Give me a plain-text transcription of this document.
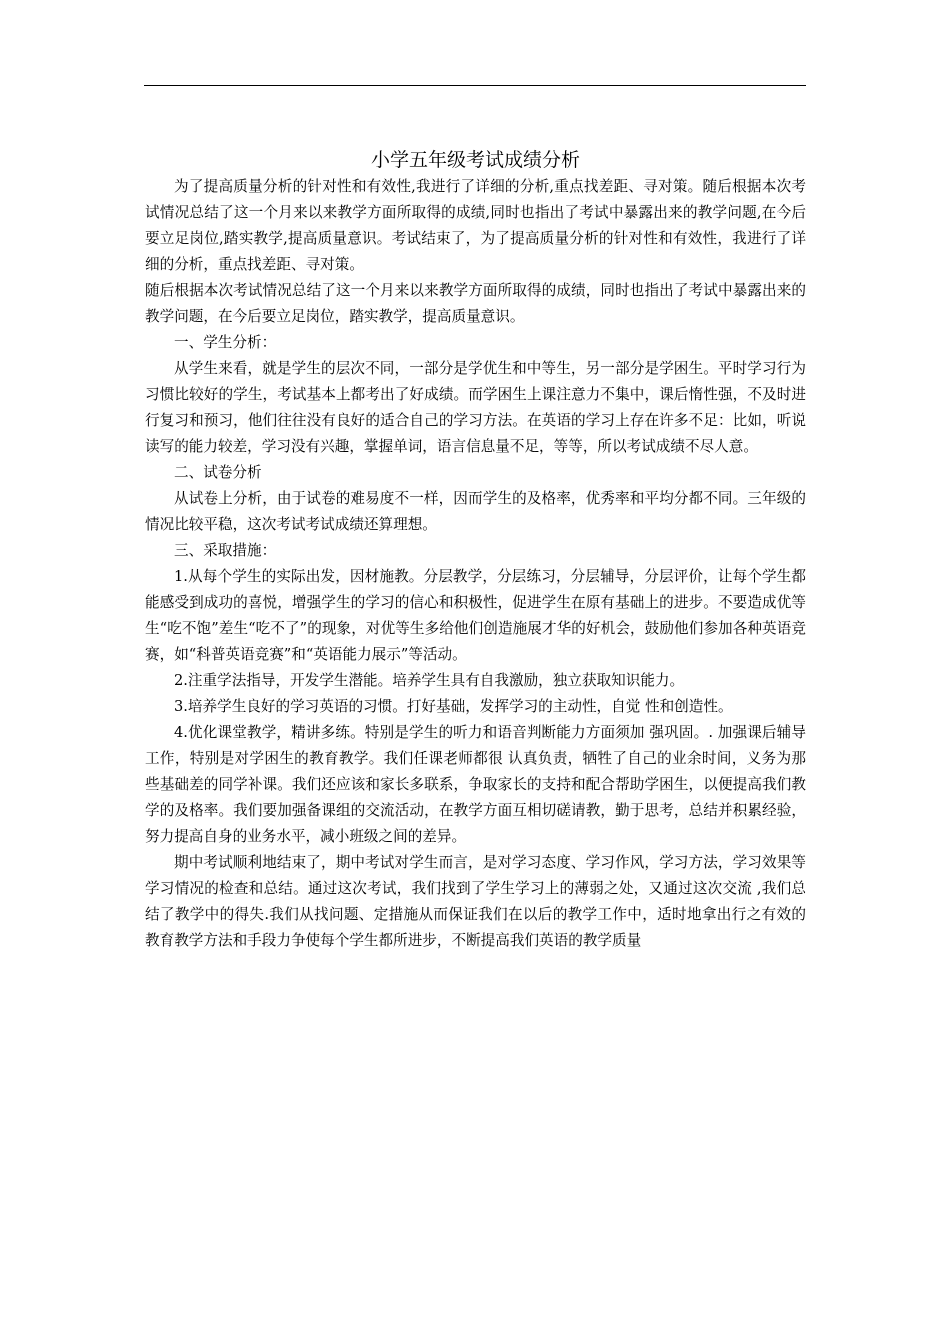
小学五年级考试成绩分析

为了提高质量分析的针对性和有效性,我进行了详细的分析,重点找差距、寻对策。随后根据本次考试情况总结了这一个月来以来教学方面所取得的成绩,同时也指出了考试中暴露出来的教学问题,在今后要立足岗位,踏实教学,提高质量意识。考试结束了，为了提高质量分析的针对性和有效性，我进行了详细的分析，重点找差距、寻对策。

随后根据本次考试情况总结了这一个月来以来教学方面所取得的成绩，同时也指出了考试中暴露出来的教学问题，在今后要立足岗位，踏实教学，提高质量意识。

一、学生分析：

从学生来看，就是学生的层次不同，一部分是学优生和中等生，另一部分是学困生。平时学习行为习惯比较好的学生，考试基本上都考出了好成绩。而学困生上课注意力不集中，课后惰性强，不及时进行复习和预习，他们往往没有良好的适合自己的学习方法。在英语的学习上存在许多不足：比如，听说读写的能力较差，学习没有兴趣，掌握单词，语言信息量不足，等等，所以考试成绩不尽人意。

二、试卷分析

从试卷上分析，由于试卷的难易度不一样，因而学生的及格率，优秀率和平均分都不同。三年级的情况比较平稳，这次考试考试成绩还算理想。

三、采取措施：

1.从每个学生的实际出发，因材施教。分层教学，分层练习，分层辅导，分层评价，让每个学生都能感受到成功的喜悦，增强学生的学习的信心和积极性，促进学生在原有基础上的进步。不要造成优等生“吃不饱”差生“吃不了”的现象，对优等生多给他们创造施展才华的好机会，鼓励他们参加各种英语竞赛，如“科普英语竞赛”和“英语能力展示”等活动。

2.注重学法指导，开发学生潜能。培养学生具有自我激励，独立获取知识能力。

3.培养学生良好的学习英语的习惯。打好基础，发挥学习的主动性，自觉 性和创造性。

4.优化课堂教学，精讲多练。特别是学生的听力和语音判断能力方面须加 强巩固。. 加强课后辅导工作，特别是对学困生的教育教学。我们任课老师都很 认真负责，牺牲了自己的业余时间，义务为那些基础差的同学补课。我们还应该和家长多联系，争取家长的支持和配合帮助学困生，以便提高我们教学的及格率。我们要加强备课组的交流活动，在教学方面互相切磋请教，勤于思考，总结并积累经验，努力提高自身的业务水平，减小班级之间的差异。

期中考试顺利地结束了，期中考试对学生而言，是对学习态度、学习作风，学习方法，学习效果等学习情况的检查和总结。通过这次考试，我们找到了学生学习上的薄弱之处，又通过这次交流 ,我们总结了教学中的得失.我们从找问题、定措施从而保证我们在以后的教学工作中，适时地拿出行之有效的教育教学方法和手段力争使每个学生都所进步，不断提高我们英语的教学质量
